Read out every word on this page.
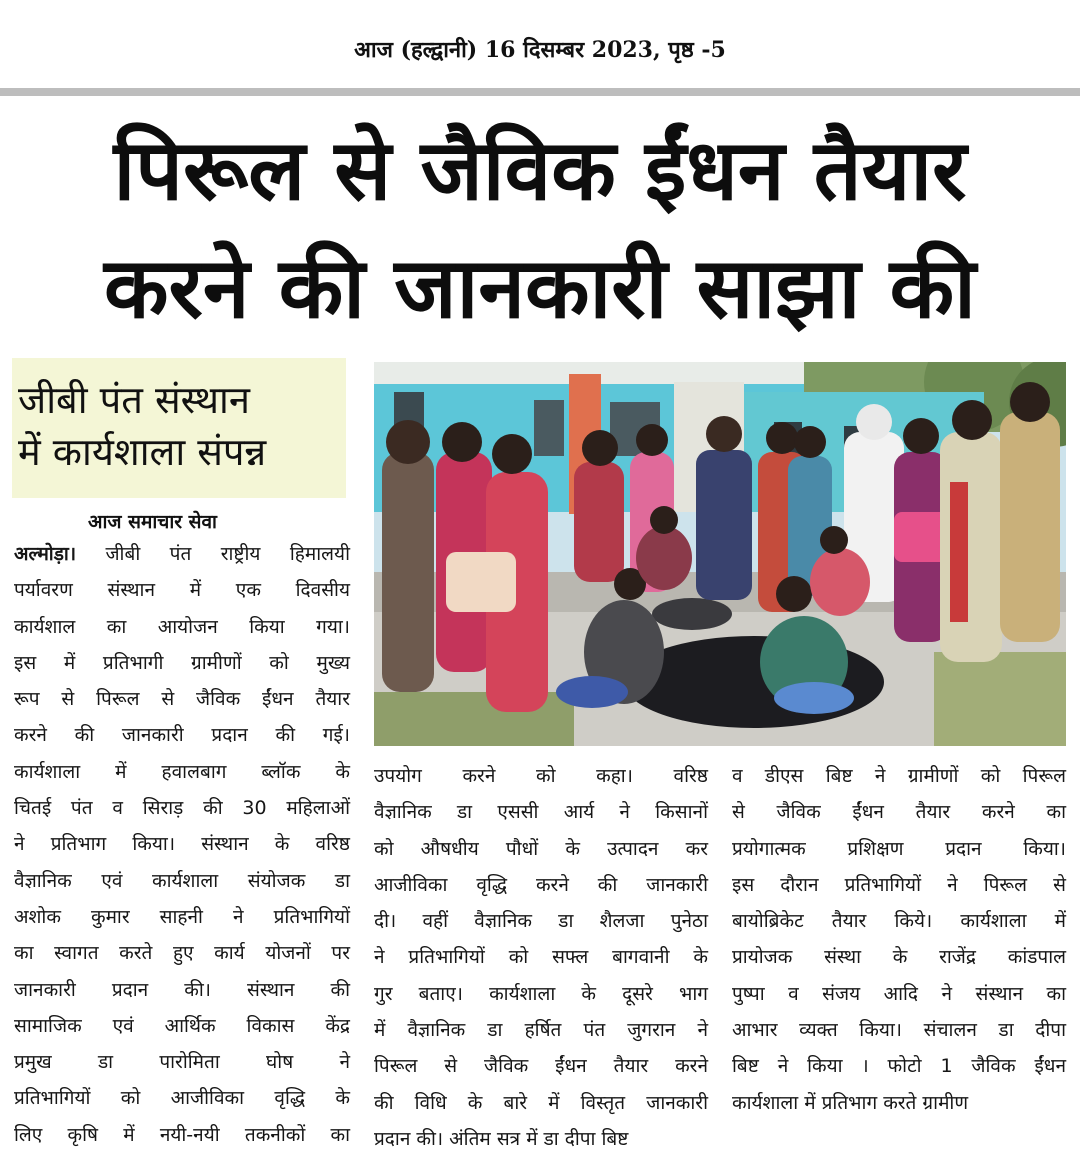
आज (हल्द्वानी) 16 दिसम्बर 2023, पृष्ठ -5
पिरूल से जैविक ईंधन तैयार
करने की जानकारी साझा की
जीबी पंत संस्थान
में कार्यशाला संपन्न
आज समाचार सेवा
अल्मोड़ा। जीबी पंत राष्ट्रीय हिमालयी
पर्यावरण संस्थान में एक दिवसीय
कार्यशाल का आयोजन किया गया।
इस में प्रतिभागी ग्रामीणों को मुख्य
रूप से पिरूल से जैविक ईंधन तैयार
करने की जानकारी प्रदान की गई।
कार्यशाला में हवालबाग ब्लॉक के
चितई पंत व सिराड़ की 30 महिलाओं
ने प्रतिभाग किया। संस्थान के वरिष्ठ
वैज्ञानिक एवं कार्यशाला संयोजक डा
अशोक कुमार साहनी ने प्रतिभागियों
का स्वागत करते हुए कार्य योजनों पर
जानकारी प्रदान की। संस्थान की
सामाजिक एवं आर्थिक विकास केंद्र
प्रमुख डा पारोमिता घोष ने
प्रतिभागियों को आजीविका वृद्धि के
लिए कृषि में नयी-नयी तकनीकों का
उपयोग करने को कहा। वरिष्ठ
वैज्ञानिक डा एससी आर्य ने किसानों
को औषधीय पौधों के उत्पादन कर
आजीविका वृद्धि करने की जानकारी
दी। वहीं वैज्ञानिक डा शैलजा पुनेठा
ने प्रतिभागियों को सफ्ल बागवानी के
गुर बताए। कार्यशाला के दूसरे भाग
में वैज्ञानिक डा हर्षित पंत जुगरान ने
पिरूल से जैविक ईंधन तैयार करने
की विधि के बारे में विस्तृत जानकारी
प्रदान की। अंतिम सत्र में डा दीपा बिष्ट
व डीएस बिष्ट ने ग्रामीणों को पिरूल
से जैविक ईंधन तैयार करने का
प्रयोगात्मक प्रशिक्षण प्रदान किया।
इस दौरान प्रतिभागियों ने पिरूल से
बायोब्रिकेट तैयार किये। कार्यशाला में
प्रायोजक संस्था के राजेंद्र कांडपाल
पुष्पा व संजय आदि ने संस्थान का
आभार व्यक्त किया। संचालन डा दीपा
बिष्ट ने किया । फोटो 1 जैविक ईंधन
कार्यशाला में प्रतिभाग करते ग्रामीण
